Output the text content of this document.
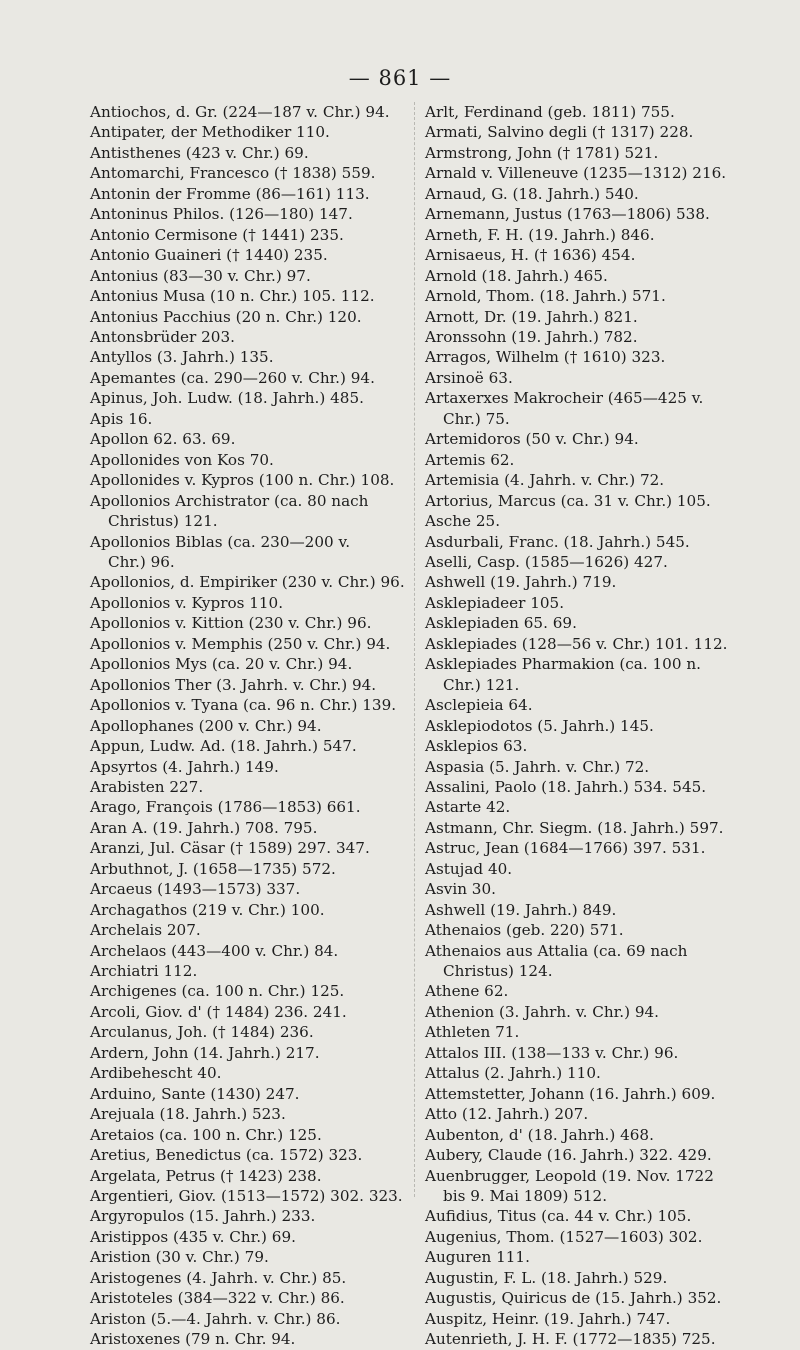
— 861 —
Antiochos, d. Gr. (224—187 v. Chr.) 94.
Antipater, der Methodiker 110.
Antisthenes (423 v. Chr.) 69.
Antomarchi, Francesco († 1838) 559.
Antonin der Fromme (86—161) 113.
Antoninus Philos. (126—180) 147.
Antonio Cermisone († 1441) 235.
Antonio Guaineri († 1440) 235.
Antonius (83—30 v. Chr.) 97.
Antonius Musa (10 n. Chr.) 105. 112.
Antonius Pacchius (20 n. Chr.) 120.
Antonsbrüder 203.
Antyllos (3. Jahrh.) 135.
Apemantes (ca. 290—260 v. Chr.) 94.
Apinus, Joh. Ludw. (18. Jahrh.) 485.
Apis 16.
Apollon 62. 63. 69.
Apollonides von Kos 70.
Apollonides v. Kypros (100 n. Chr.) 108.
Apollonios Archistrator (ca. 80 nach
Christus) 121.
Apollonios Biblas (ca. 230—200 v.
Chr.) 96.
Apollonios, d. Empiriker (230 v. Chr.) 96.
Apollonios v. Kypros 110.
Apollonios v. Kittion (230 v. Chr.) 96.
Apollonios v. Memphis (250 v. Chr.) 94.
Apollonios Mys (ca. 20 v. Chr.) 94.
Apollonios Ther (3. Jahrh. v. Chr.) 94.
Apollonios v. Tyana (ca. 96 n. Chr.) 139.
Apollophanes (200 v. Chr.) 94.
Appun, Ludw. Ad. (18. Jahrh.) 547.
Apsyrtos (4. Jahrh.) 149.
Arabisten 227.
Arago, François (1786—1853) 661.
Aran A. (19. Jahrh.) 708. 795.
Aranzi, Jul. Cäsar († 1589) 297. 347.
Arbuthnot, J. (1658—1735) 572.
Arcaeus (1493—1573) 337.
Archagathos (219 v. Chr.) 100.
Archelais 207.
Archelaos (443—400 v. Chr.) 84.
Archiatri 112.
Archigenes (ca. 100 n. Chr.) 125.
Arcoli, Giov. d' († 1484) 236. 241.
Arculanus, Joh. († 1484) 236.
Ardern, John (14. Jahrh.) 217.
Ardibehescht 40.
Arduino, Sante (1430) 247.
Arejuala (18. Jahrh.) 523.
Aretaios (ca. 100 n. Chr.) 125.
Aretius, Benedictus (ca. 1572) 323.
Argelata, Petrus († 1423) 238.
Argentieri, Giov. (1513—1572) 302. 323.
Argyropulos (15. Jahrh.) 233.
Aristippos (435 v. Chr.) 69.
Aristion (30 v. Chr.) 79.
Aristogenes (4. Jahrh. v. Chr.) 85.
Aristoteles (384—322 v. Chr.) 86.
Ariston (5.—4. Jahrh. v. Chr.) 86.
Aristoxenes (79 n. Chr. 94.
Arlt, Ferdinand (geb. 1811) 755.
Armati, Salvino degli († 1317) 228.
Armstrong, John († 1781) 521.
Arnald v. Villeneuve (1235—1312) 216.
Arnaud, G. (18. Jahrh.) 540.
Arnemann, Justus (1763—1806) 538.
Arneth, F. H. (19. Jahrh.) 846.
Arnisaeus, H. († 1636) 454.
Arnold (18. Jahrh.) 465.
Arnold, Thom. (18. Jahrh.) 571.
Arnott, Dr. (19. Jahrh.) 821.
Aronssohn (19. Jahrh.) 782.
Arragos, Wilhelm († 1610) 323.
Arsinoë 63.
Artaxerxes Makrocheir (465—425 v.
Chr.) 75.
Artemidoros (50 v. Chr.) 94.
Artemis 62.
Artemisia (4. Jahrh. v. Chr.) 72.
Artorius, Marcus (ca. 31 v. Chr.) 105.
Asche 25.
Asdurbali, Franc. (18. Jahrh.) 545.
Aselli, Casp. (1585—1626) 427.
Ashwell (19. Jahrh.) 719.
Asklepiadeer 105.
Asklepiaden 65. 69.
Asklepiades (128—56 v. Chr.) 101. 112.
Asklepiades Pharmakion (ca. 100 n.
Chr.) 121.
Asclepieia 64.
Asklepiodotos (5. Jahrh.) 145.
Asklepios 63.
Aspasia (5. Jahrh. v. Chr.) 72.
Assalini, Paolo (18. Jahrh.) 534. 545.
Astarte 42.
Astmann, Chr. Siegm. (18. Jahrh.) 597.
Astruc, Jean (1684—1766) 397. 531.
Astujad 40.
Asvin 30.
Ashwell (19. Jahrh.) 849.
Athenaios (geb. 220) 571.
Athenaios aus Attalia (ca. 69 nach
Christus) 124.
Athene 62.
Athenion (3. Jahrh. v. Chr.) 94.
Athleten 71.
Attalos III. (138—133 v. Chr.) 96.
Attalus (2. Jahrh.) 110.
Attemstetter, Johann (16. Jahrh.) 609.
Atto (12. Jahrh.) 207.
Aubenton, d' (18. Jahrh.) 468.
Aubery, Claude (16. Jahrh.) 322. 429.
Auenbrugger, Leopold (19. Nov. 1722
bis 9. Mai 1809) 512.
Aufidius, Titus (ca. 44 v. Chr.) 105.
Augenius, Thom. (1527—1603) 302.
Auguren 111.
Augustin, F. L. (18. Jahrh.) 529.
Augustis, Quiricus de (15. Jahrh.) 352.
Auspitz, Heinr. (19. Jahrh.) 747.
Autenrieth, J. H. F. (1772—1835) 725.
